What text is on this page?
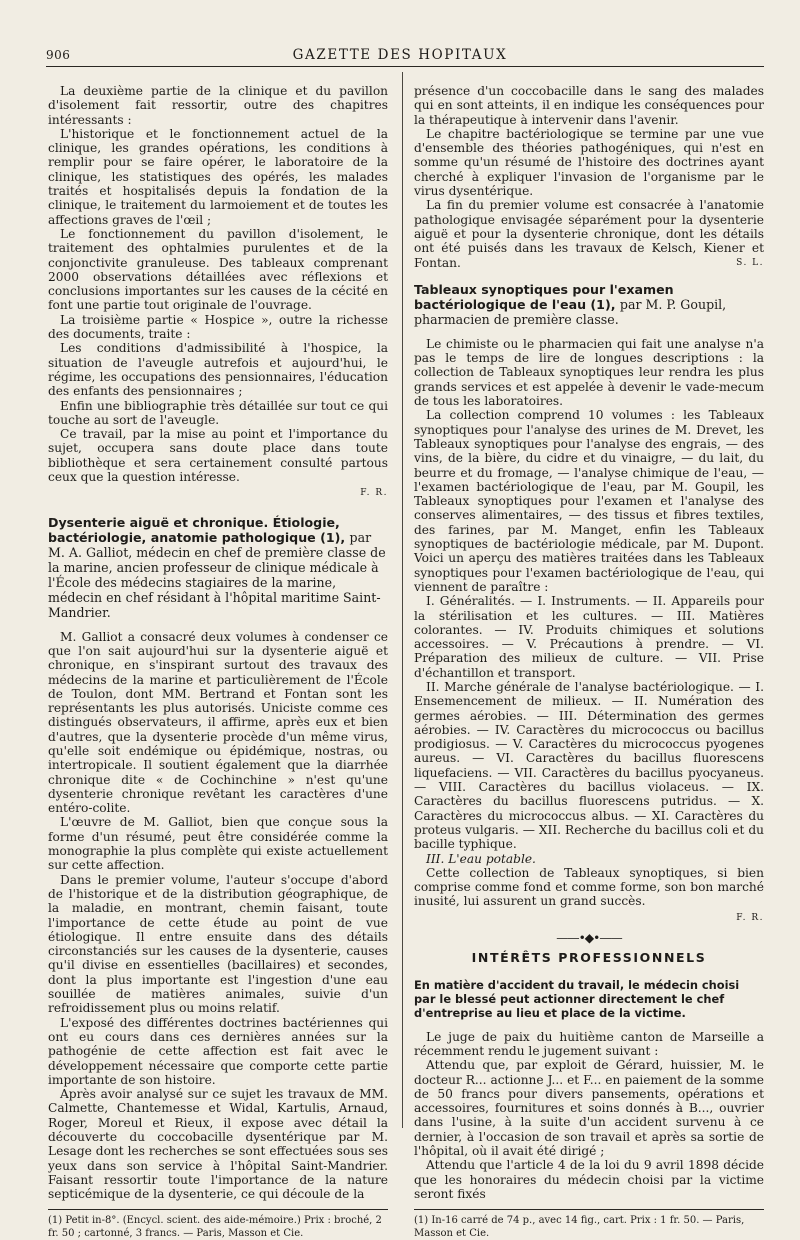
906	GAZETTE DES HOPITAUX

La deuxième partie de la clinique et du pavillon d'isolement fait ressortir, outre des chapitres intéressants :

L'historique et le fonctionnement actuel de la clinique, les grandes opérations, les conditions à remplir pour se faire opérer, le laboratoire de la clinique, les statistiques des opérés, les malades traités et hospitalisés depuis la fondation de la clinique, le traitement du larmoiement et de toutes les affections graves de l'œil ;

Le fonctionnement du pavillon d'isolement, le traitement des ophtalmies purulentes et de la conjonctivite granuleuse. Des tableaux comprenant 2000 observations détaillées avec réflexions et conclusions importantes sur les causes de la cécité en font une partie tout originale de l'ouvrage.

La troisième partie « Hospice », outre la richesse des documents, traite :

Les conditions d'admissibilité à l'hospice, la situation de l'aveugle autrefois et aujourd'hui, le régime, les occupations des pensionnaires, l'éducation des enfants des pensionnaires ;

Enfin une bibliographie très détaillée sur tout ce qui touche au sort de l'aveugle.

Ce travail, par la mise au point et l'importance du sujet, occupera sans doute place dans toute bibliothèque et sera certainement consulté partous ceux que la question intéresse.

F. R.

Dysenterie aiguë et chronique. Étiologie, bactériologie, anatomie pathologique (1), par M. A. Galliot, médecin en chef de première classe de la marine, ancien professeur de clinique médicale à l'École des médecins stagiaires de la marine, médecin en chef résidant à l'hôpital maritime Saint-Mandrier.

M. Galliot a consacré deux volumes à condenser ce que l'on sait aujourd'hui sur la dysenterie aiguë et chronique, en s'inspirant surtout des travaux des médecins de la marine et particulièrement de l'École de Toulon, dont MM. Bertrand et Fontan sont les représentants les plus autorisés. Uniciste comme ces distingués observateurs, il affirme, après eux et bien d'autres, que la dysenterie procède d'un même virus, qu'elle soit endémique ou épidémique, nostras, ou intertropicale. Il soutient également que la diarrhée chronique dite « de Cochinchine » n'est qu'une dysenterie chronique revêtant les caractères d'une entéro-colite.

L'œuvre de M. Galliot, bien que conçue sous la forme d'un résumé, peut être considérée comme la monographie la plus complète qui existe actuellement sur cette affection.

Dans le premier volume, l'auteur s'occupe d'abord de l'historique et de la distribution géographique, de la maladie, en montrant, chemin faisant, toute l'importance de cette étude au point de vue étiologique. Il entre ensuite dans des détails circonstanciés sur les causes de la dysenterie, causes qu'il divise en essentielles (bacillaires) et secondes, dont la plus importante est l'ingestion d'une eau souillée de matières animales, suivie d'un refroidissement plus ou moins relatif.

L'exposé des différentes doctrines bactériennes qui ont eu cours dans ces dernières années sur la pathogénie de cette affection est fait avec le développement nécessaire que comporte cette partie importante de son histoire.

Après avoir analysé sur ce sujet les travaux de MM. Calmette, Chantemesse et Widal, Kartulis, Arnaud, Roger, Moreul et Rieux, il expose avec détail la découverte du coccobacille dysentérique par M. Lesage dont les recherches se sont effectuées sous ses yeux dans son service à l'hôpital Saint-Mandrier. Faisant ressortir toute l'importance de la nature septicémique de la dysenterie, ce qui découle de la

(1) Petit in-8°. (Encycl. scient. des aide-mémoire.) Prix : broché, 2 fr. 50 ; cartonné, 3 francs. — Paris, Masson et Cie.

présence d'un coccobacille dans le sang des malades qui en sont atteints, il en indique les conséquences pour la thérapeutique à intervenir dans l'avenir.

Le chapitre bactériologique se termine par une vue d'ensemble des théories pathogéniques, qui n'est en somme qu'un résumé de l'histoire des doctrines ayant cherché à expliquer l'invasion de l'organisme par le virus dysentérique.

La fin du premier volume est consacrée à l'anatomie pathologique envisagée séparément pour la dysenterie aiguë et pour la dysenterie chronique, dont les détails ont été puisés dans les travaux de Kelsch, Kiener et Fontan.	S. L.

Tableaux synoptiques pour l'examen bactériologique de l'eau (1), par M. P. Goupil, pharmacien de première classe.

Le chimiste ou le pharmacien qui fait une analyse n'a pas le temps de lire de longues descriptions : la collection de Tableaux synoptiques leur rendra les plus grands services et est appelée à devenir le vade-mecum de tous les laboratoires.

La collection comprend 10 volumes : les Tableaux synoptiques pour l'analyse des urines de M. Drevet, les Tableaux synoptiques pour l'analyse des engrais, — des vins, de la bière, du cidre et du vinaigre, — du lait, du beurre et du fromage, — l'analyse chimique de l'eau, — l'examen bactériologique de l'eau, par M. Goupil, les Tableaux synoptiques pour l'examen et l'analyse des conserves alimentaires, — des tissus et fibres textiles, des farines, par M. Manget, enfin les Tableaux synoptiques de bactériologie médicale, par M. Dupont. Voici un aperçu des matières traitées dans les Tableaux synoptiques pour l'examen bactériologique de l'eau, qui viennent de paraître :

I. Généralités. — I. Instruments. — II. Appareils pour la stérilisation et les cultures. — III. Matières colorantes. — IV. Produits chimiques et solutions accessoires. — V. Précautions à prendre. — VI. Préparation des milieux de culture. — VII. Prise d'échantillon et transport.

II. Marche générale de l'analyse bactériologique. — I. Ensemencement de milieux. — II. Numération des germes aérobies. — III. Détermination des germes aérobies. — IV. Caractères du micrococcus ou bacillus prodigiosus. — V. Caractères du micrococcus pyogenes aureus. — VI. Caractères du bacillus fluorescens liquefaciens. — VII. Caractères du bacillus pyocyaneus. — VIII. Caractères du bacillus violaceus. — IX. Caractères du bacillus fluorescens putridus. — X. Caractères du micrococcus albus. — XI. Caractères du proteus vulgaris. — XII. Recherche du bacillus coli et du bacille typhique.

III. L'eau potable.

Cette collection de Tableaux synoptiques, si bien comprise comme fond et comme forme, son bon marché inusité, lui assurent un grand succès.

F. R.

——•◆•——
INTÉRÊTS PROFESSIONNELS
En matière d'accident du travail, le médecin choisi par le blessé peut actionner directement le chef d'entreprise au lieu et place de la victime.

Le juge de paix du huitième canton de Marseille a récemment rendu le jugement suivant :

Attendu que, par exploit de Gérard, huissier, M. le docteur R... actionne J... et F... en paiement de la somme de 50 francs pour divers pansements, opérations et accessoires, fournitures et soins donnés à B..., ouvrier dans l'usine, à la suite d'un accident survenu à ce dernier, à l'occasion de son travail et après sa sortie de l'hôpital, où il avait été dirigé ;

Attendu que l'article 4 de la loi du 9 avril 1898 décide que les honoraires du médecin choisi par la victime seront fixés

(1) In-16 carré de 74 p., avec 14 fig., cart. Prix : 1 fr. 50. — Paris, Masson et Cie.
